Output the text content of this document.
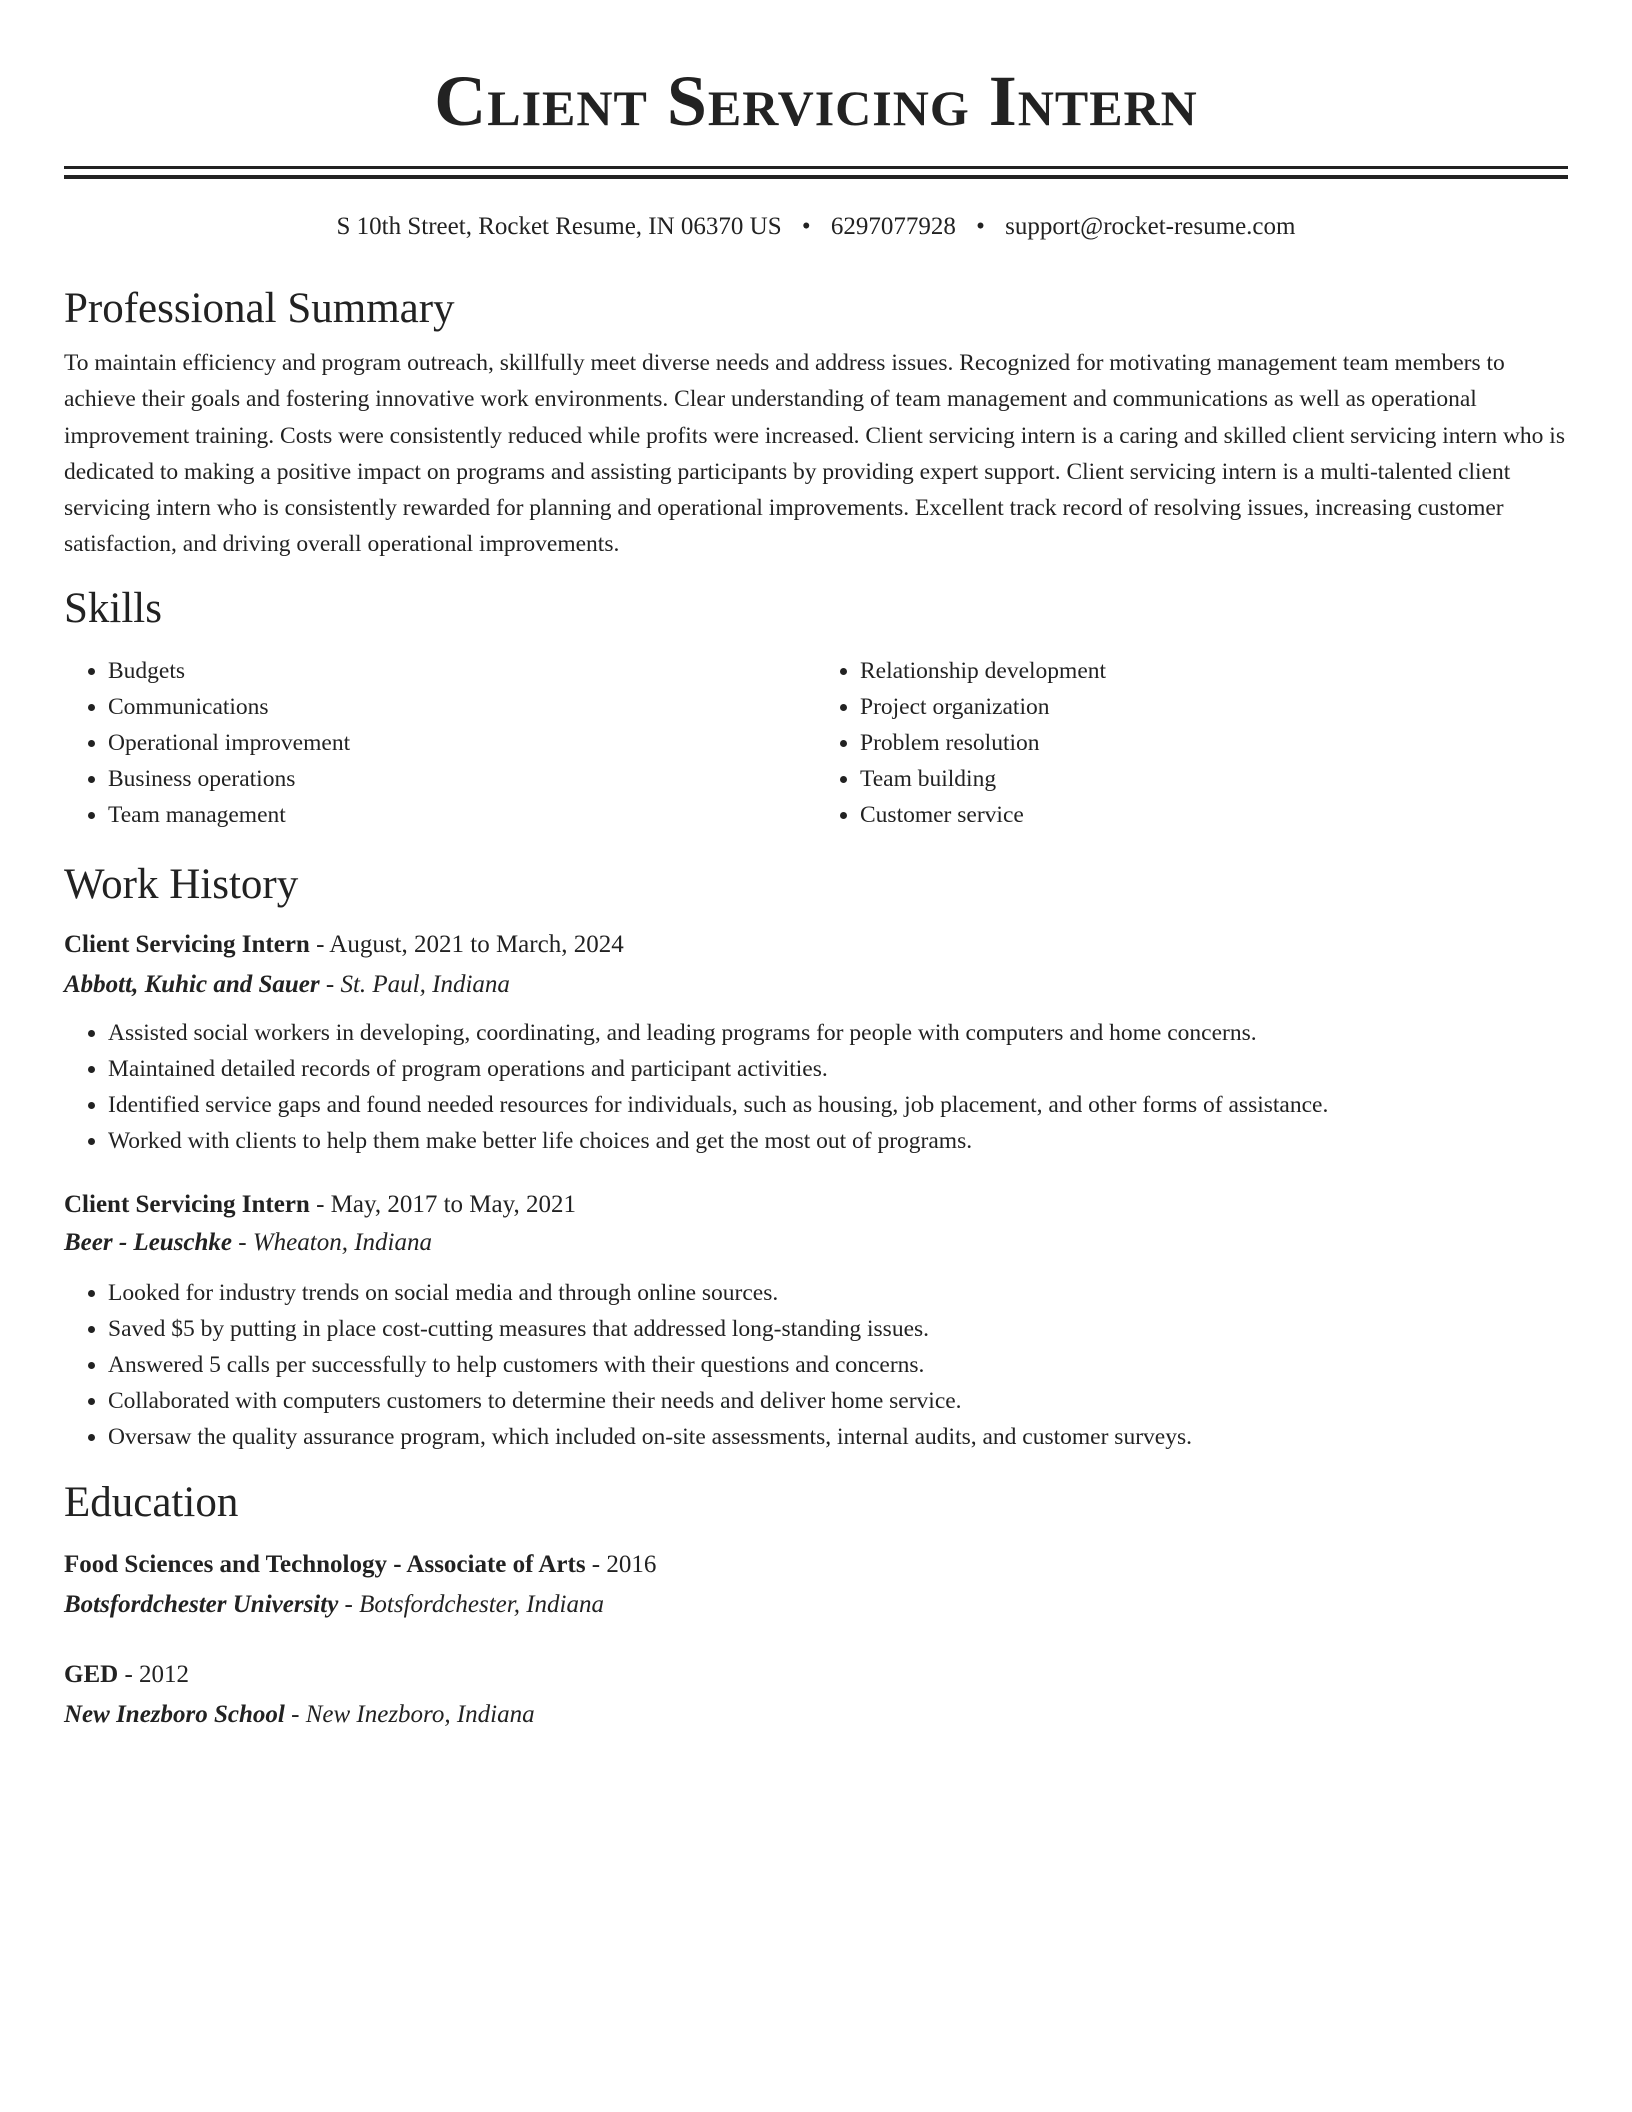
Client Servicing Intern
S 10th Street, Rocket Resume, IN 06370 US • 6297077928 • support@rocket-resume.com
Professional Summary

To maintain efficiency and program outreach, skillfully meet diverse needs and address issues. Recognized for motivating management team members to achieve their goals and fostering innovative work environments. Clear understanding of team management and communications as well as operational improvement training. Costs were consistently reduced while profits were increased. Client servicing intern is a caring and skilled client servicing intern who is dedicated to making a positive impact on programs and assisting participants by providing expert support. Client servicing intern is a multi-talented client servicing intern who is consistently rewarded for planning and operational improvements. Excellent track record of resolving issues, increasing customer satisfaction, and driving overall operational improvements.

Skills
• Budgets
• Communications
• Operational improvement
• Business operations
• Team management
• Relationship development
• Project organization
• Problem resolution
• Team building
• Customer service
Work History
Client Servicing Intern - August, 2021 to March, 2024
Abbott, Kuhic and Sauer - St. Paul, Indiana
• Assisted social workers in developing, coordinating, and leading programs for people with computers and home concerns.
• Maintained detailed records of program operations and participant activities.
• Identified service gaps and found needed resources for individuals, such as housing, job placement, and other forms of assistance.
• Worked with clients to help them make better life choices and get the most out of programs.
Client Servicing Intern - May, 2017 to May, 2021
Beer - Leuschke - Wheaton, Indiana
• Looked for industry trends on social media and through online sources.
• Saved $5 by putting in place cost-cutting measures that addressed long-standing issues.
• Answered 5 calls per successfully to help customers with their questions and concerns.
• Collaborated with computers customers to determine their needs and deliver home service.
• Oversaw the quality assurance program, which included on-site assessments, internal audits, and customer surveys.
Education
Food Sciences and Technology - Associate of Arts - 2016
Botsfordchester University - Botsfordchester, Indiana
GED - 2012
New Inezboro School - New Inezboro, Indiana
